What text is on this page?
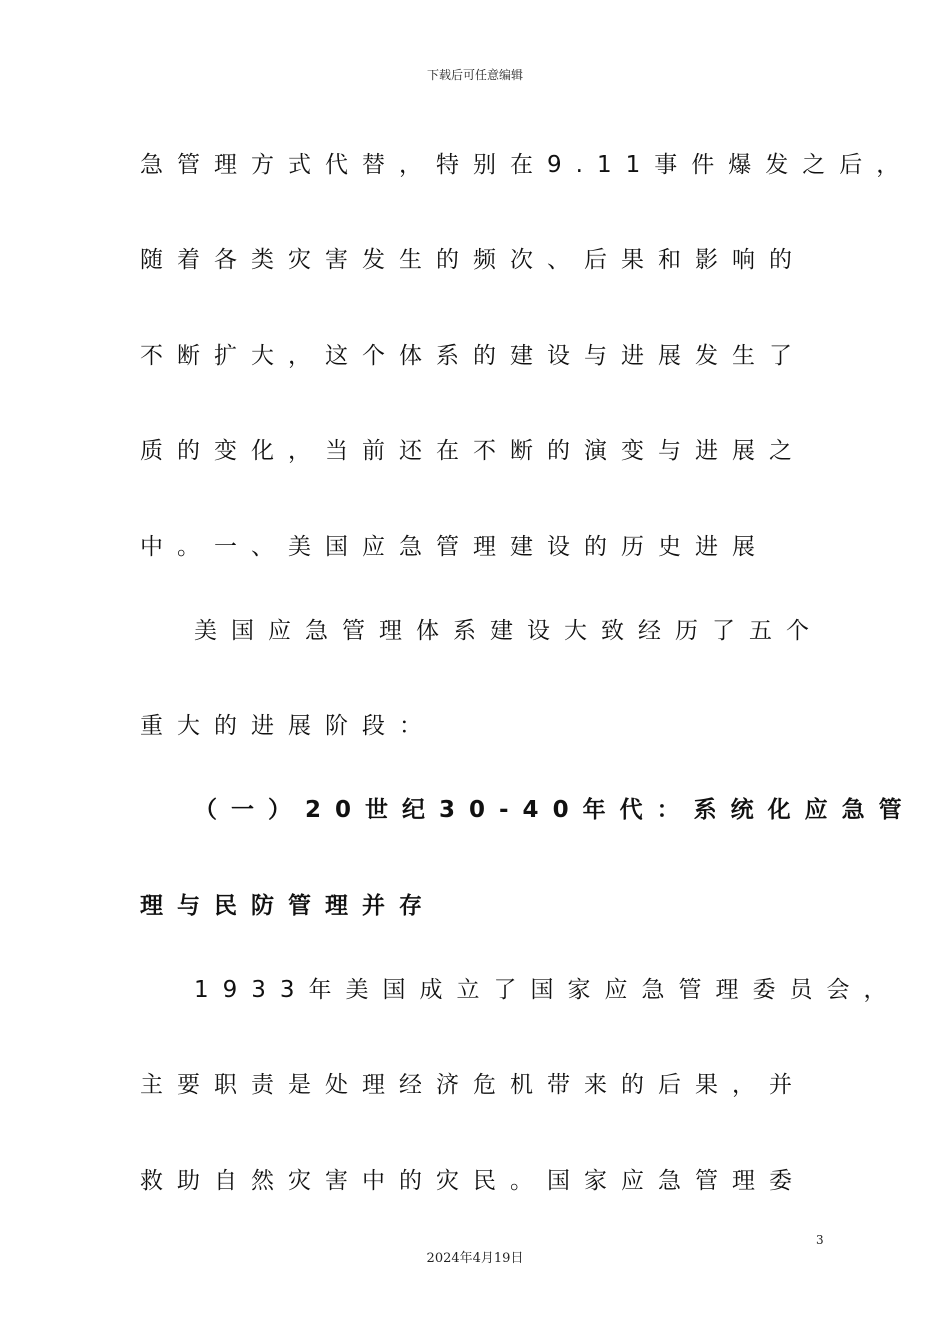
下载后可任意编辑
急管理方式代替，特别在9.11事件爆发之后，
随着各类灾害发生的频次、后果和影响的
不断扩大，这个体系的建设与进展发生了
质的变化，当前还在不断的演变与进展之
中。一、美国应急管理建设的历史进展
美国应急管理体系建设大致经历了五个
重大的进展阶段：
（一）20世纪30-40年代：系统化应急管
理与民防管理并存
1933年美国成立了国家应急管理委员会，
主要职责是处理经济危机带来的后果，并
救助自然灾害中的灾民。国家应急管理委
3
2024年4月19日
